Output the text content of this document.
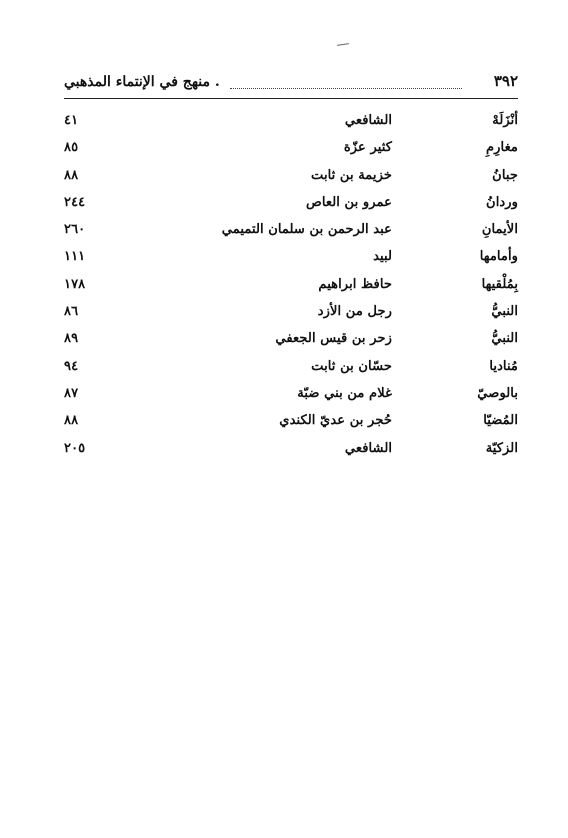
٣٩٢
. منهج في الإنتماء المذهبي
أنْزَلَهْ
الشافعي
٤١
مغارِمِ
كثير عزّة
٨٥
جبانُ
خزيمة بن ثابت
٨٨
وردانُ
عمرو بن العاص
٢٤٤
الأيمانِ
عبد الرحمن بن سلمان التميمي
٢٦٠
وأمامها
لبيد
١١١
بِمُلْقيها
حافظ ابراهيم
١٧٨
النبيُّ
رجل من الأزد
٨٦
النبيُّ
زحر بن قيس الجعفي
٨٩
مُناديا
حسّان بن ثابت
٩٤
بالوصيّ
غلام من بني ضبّة
٨٧
المُضيّا
حُجر بن عديّ الكندي
٨٨
الزكيّة
الشافعي
٢٠٥
